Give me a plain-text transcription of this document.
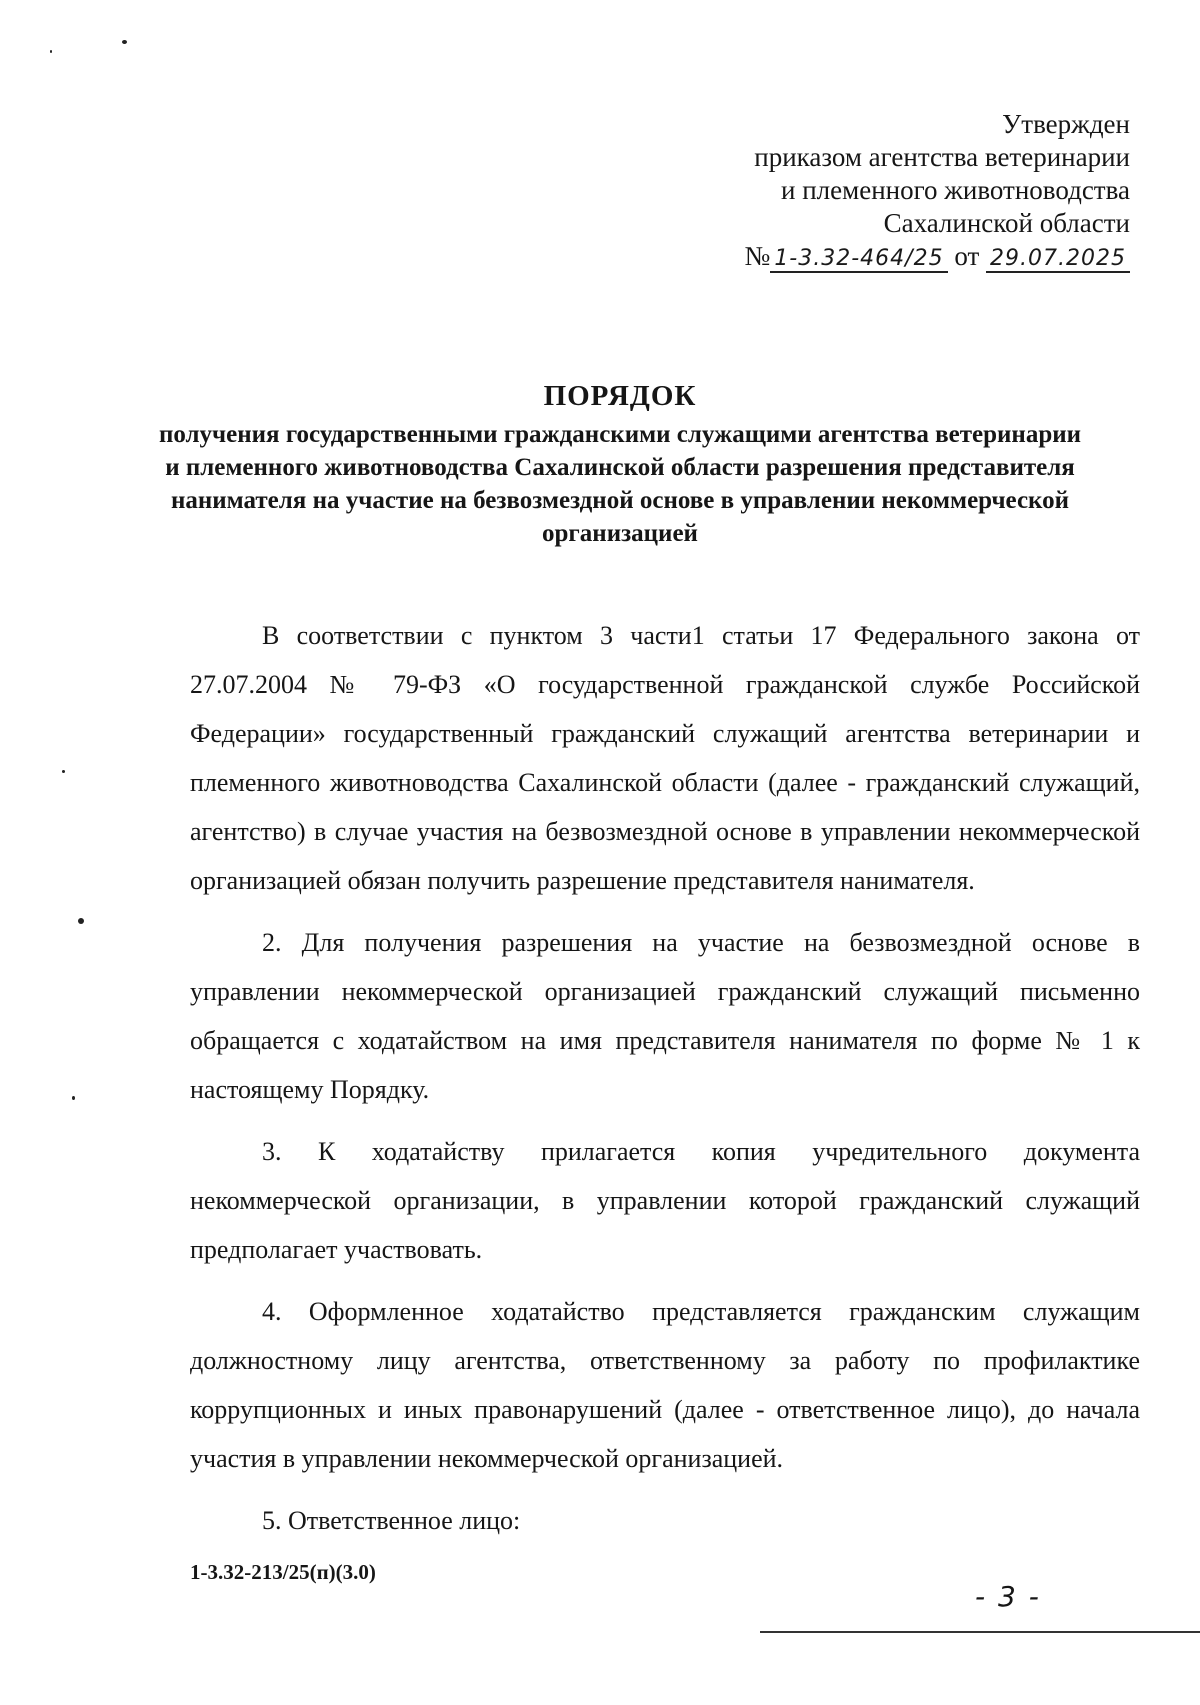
Утвержден
приказом агентства ветеринарии
и племенного животноводства
Сахалинской области
№ 1-3.32-464/25 от 29.07.2025
ПОРЯДОК
получения государственными гражданскими служащими агентства ветеринарии и племенного животноводства Сахалинской области разрешения представителя нанимателя на участие на безвозмездной основе в управлении некоммерческой организацией

В соответствии с пунктом 3 части1 статьи 17 Федерального закона от 27.07.2004 № 79-ФЗ «О государственной гражданской службе Российской Федерации» государственный гражданский служащий агентства ветеринарии и племенного животноводства Сахалинской области (далее - гражданский служащий, агентство) в случае участия на безвозмездной основе в управлении некоммерческой организацией обязан получить разрешение представителя нанимателя.

2. Для получения разрешения на участие на безвозмездной основе в управлении некоммерческой организацией гражданский служащий письменно обращается с ходатайством на имя представителя нанимателя по форме № 1 к настоящему Порядку.

3. К ходатайству прилагается копия учредительного документа некоммерческой организации, в управлении которой гражданский служащий предполагает участвовать.

4. Оформленное ходатайство представляется гражданским служащим должностному лицу агентства, ответственному за работу по профилактике коррупционных и иных правонарушений (далее - ответственное лицо), до начала участия в управлении некоммерческой организацией.

5. Ответственное лицо:

1-3.32-213/25(п)(3.0)
- 3 -
